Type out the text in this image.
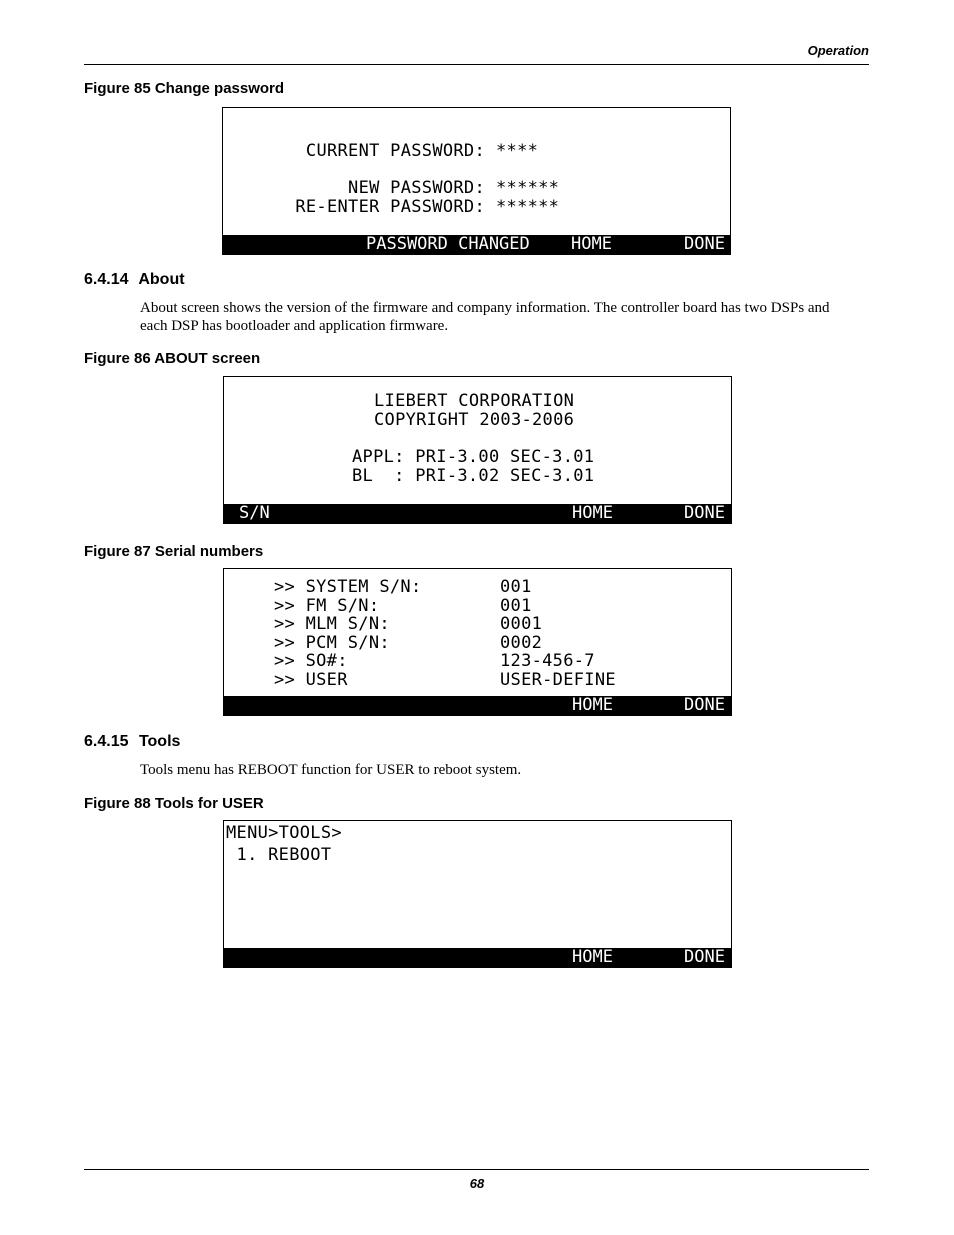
Operation
Figure 85 Change password
CURRENT PASSWORD: ****
NEW PASSWORD: ******
RE-ENTER PASSWORD: ******
PASSWORD CHANGED HOME	DONE
6.4.14 About
About screen shows the version of the firmware and company information. The controller board has two DSPs and each DSP has bootloader and application firmware.
Figure 86 ABOUT screen
LIEBERT CORPORATION
COPYRIGHT 2003-2006
APPL: PRI-3.00 SEC-3.01
BL  : PRI-3.02 SEC-3.01
S/N	HOME	DONE
Figure 87 Serial numbers
>> SYSTEM S/N:	001
>> FM S/N:	001
>> MLM S/N:	0001
>> PCM S/N:	0002
>> SO#:	123-456-7
>> USER	USER-DEFINE
HOME	DONE
6.4.15 Tools
Tools menu has REBOOT function for USER to reboot system.
Figure 88 Tools for USER
MENU>TOOLS>
1. REBOOT
HOME	DONE
68
